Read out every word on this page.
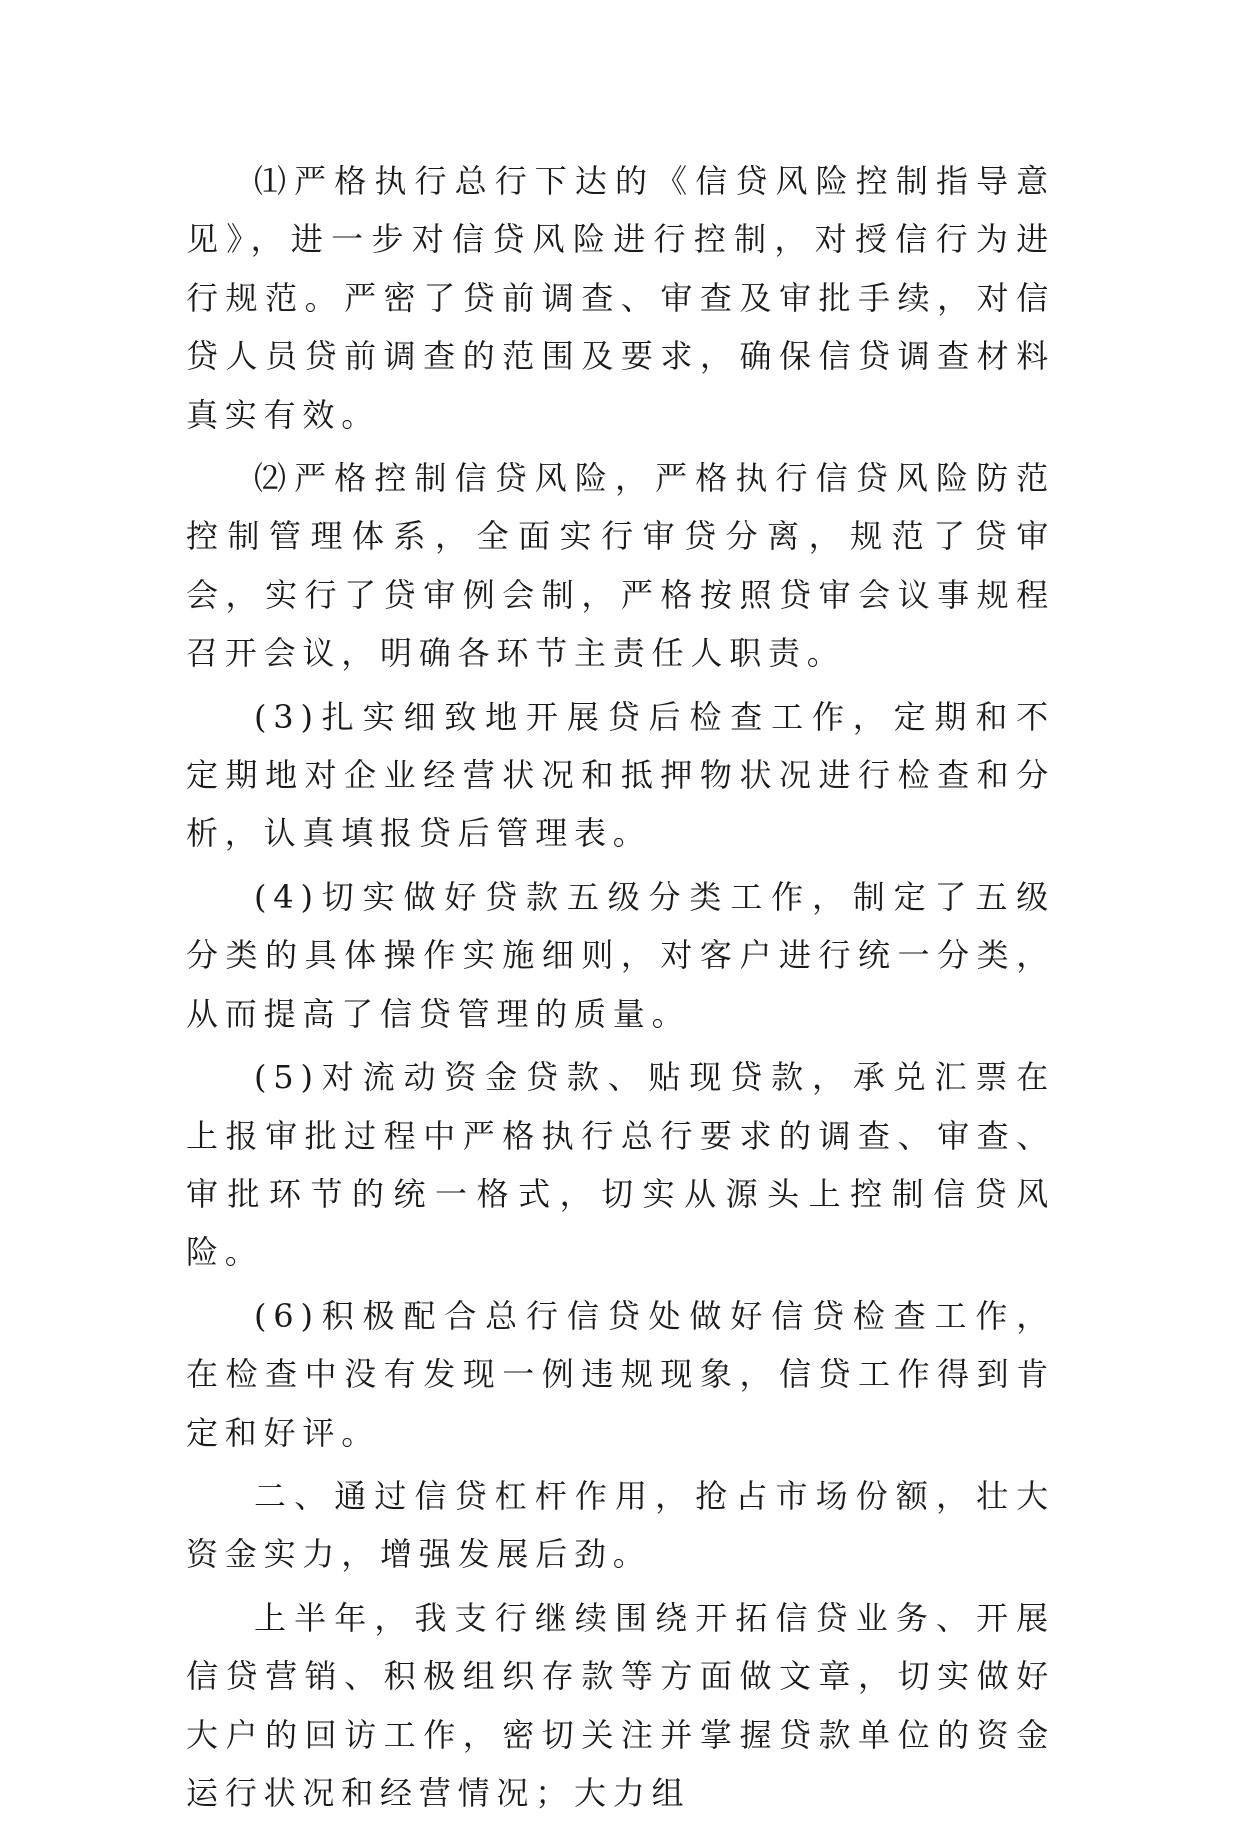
⑴严格执行总行下达的《信贷风险控制指导意见》，进一步对信贷风险进行控制，对授信行为进行规范。严密了贷前调查、审查及审批手续，对信贷人员贷前调查的范围及要求，确保信贷调查材料真实有效。

⑵严格控制信贷风险，严格执行信贷风险防范控制管理体系，全面实行审贷分离，规范了贷审会，实行了贷审例会制，严格按照贷审会议事规程召开会议，明确各环节主责任人职责。

(3)扎实细致地开展贷后检查工作，定期和不定期地对企业经营状况和抵押物状况进行检查和分析，认真填报贷后管理表。

(4)切实做好贷款五级分类工作，制定了五级分类的具体操作实施细则，对客户进行统一分类，从而提高了信贷管理的质量。

(5)对流动资金贷款、贴现贷款，承兑汇票在上报审批过程中严格执行总行要求的调查、审查、审批环节的统一格式，切实从源头上控制信贷风险。

(6)积极配合总行信贷处做好信贷检查工作，在检查中没有发现一例违规现象，信贷工作得到肯定和好评。

二、通过信贷杠杆作用，抢占市场份额，壮大资金实力，增强发展后劲。

上半年，我支行继续围绕开拓信贷业务、开展信贷营销、积极组织存款等方面做文章，切实做好大户的回访工作，密切关注并掌握贷款单位的资金运行状况和经营情况；大力组
